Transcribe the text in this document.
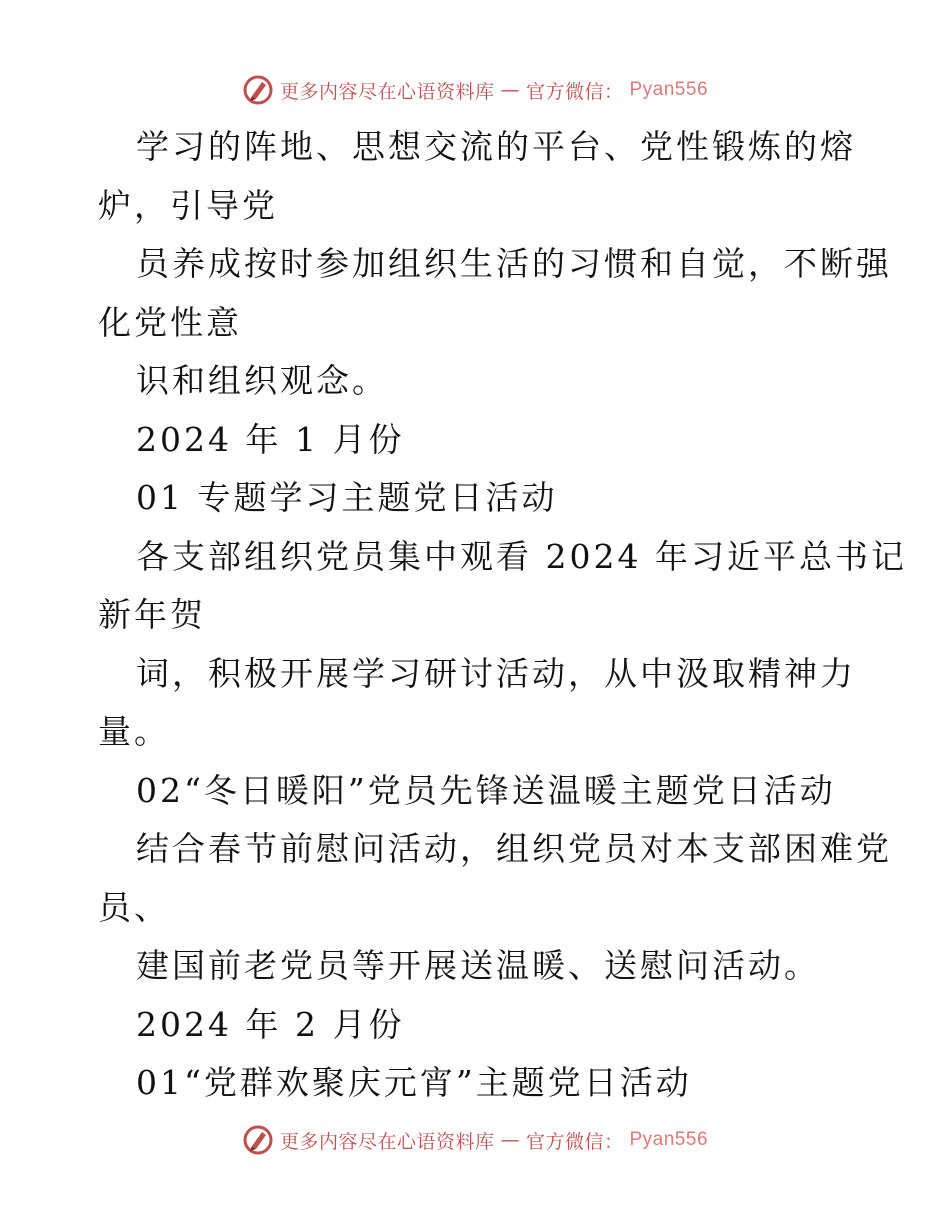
更多内容尽在心语资料库 — 官方微信： Pyan556
学习的阵地、思想交流的平台、党性锻炼的熔
炉，引导党
员养成按时参加组织生活的习惯和自觉，不断强
化党性意
识和组织观念。
2024 年 1 月份
01 专题学习主题党日活动
各支部组织党员集中观看 2024 年习近平总书记
新年贺
词，积极开展学习研讨活动，从中汲取精神力
量。
02“冬日暖阳”党员先锋送温暖主题党日活动
结合春节前慰问活动，组织党员对本支部困难党
员、
建国前老党员等开展送温暖、送慰问活动。
2024 年 2 月份
01“党群欢聚庆元宵”主题党日活动
更多内容尽在心语资料库 — 官方微信： Pyan556
